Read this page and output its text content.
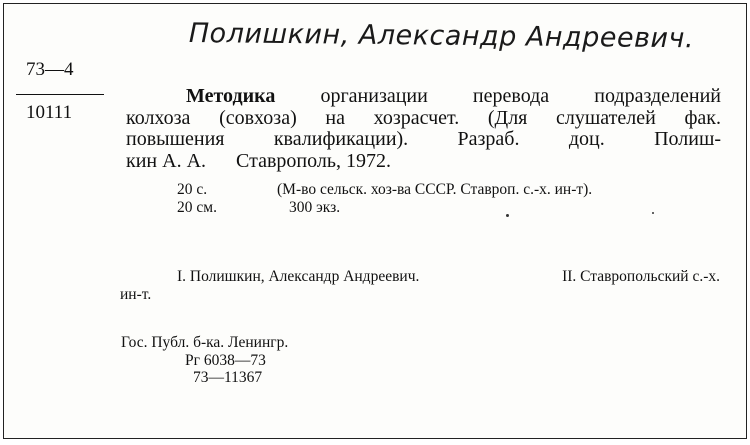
Полишкин, Александр Андреевич.
73—4
10111
Методика организации перевода подразделений
колхоза (совхоза) на хозрасчет. (Для слушателей фак.
повышения квалификации). Разраб. доц. Полиш-
кин А. А. Ставрополь, 1972.
20 с.	(М-во сельск. хоз-ва СССР. Ставроп. с.-х. ин-т).
20 см.	300 экз.
I. Полишкин, Александр Андреевич.	II. Ставропольский с.-х.
ин-т.
Гос. Публ. б-ка. Ленингр.
Рг 6038—73
73—11367
